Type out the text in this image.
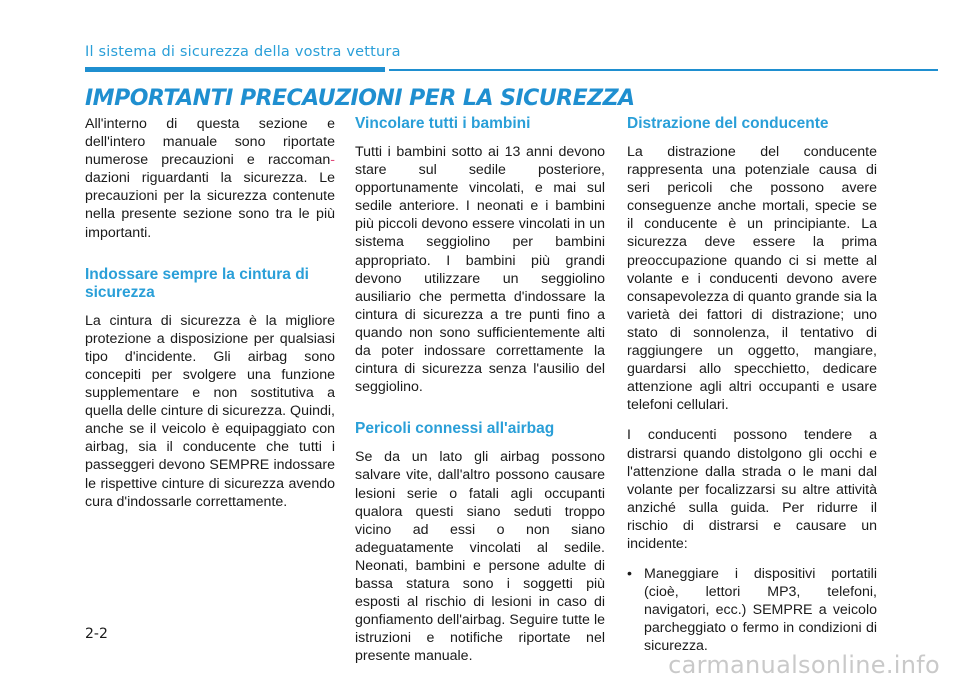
Il sistema di sicurezza della vostra vettura
IMPORTANTI PRECAUZIONI PER LA SICUREZZA

All'interno di questa sezione e dell'intero manuale sono riportate numerose precauzioni e raccoman-dazioni riguardanti la sicurezza. Le precauzioni per la sicurezza contenute nella presente sezione sono tra le più importanti.

Indossare sempre la cintura di sicurezza

La cintura di sicurezza è la migliore protezione a disposizione per qualsiasi tipo d'incidente. Gli airbag sono concepiti per svolgere una funzione supplementare e non sostitutiva a quella delle cinture di sicurezza. Quindi, anche se il veicolo è equipaggiato con airbag, sia il conducente che tutti i passeggeri devono SEMPRE indossare le rispettive cinture di sicurezza avendo cura d'indossarle correttamente.

Vincolare tutti i bambini

Tutti i bambini sotto ai 13 anni devono stare sul sedile posteriore, opportunamente vincolati, e mai sul sedile anteriore. I neonati e i bambini più piccoli devono essere vincolati in un sistema seggiolino per bambini appropriato. I bambini più grandi devono utilizzare un seggiolino ausiliario che permetta d'indossare la cintura di sicurezza a tre punti fino a quando non sono sufficientemente alti da poter indossare correttamente la cintura di sicurezza senza l'ausilio del seggiolino.

Pericoli connessi all'airbag

Se da un lato gli airbag possono salvare vite, dall'altro possono causare lesioni serie o fatali agli occupanti qualora questi siano seduti troppo vicino ad essi o non siano adeguatamente vincolati al sedile. Neonati, bambini e persone adulte di bassa statura sono i soggetti più esposti al rischio di lesioni in caso di gonfiamento dell'airbag. Seguire tutte le istruzioni e notifiche riportate nel presente manuale.

Distrazione del conducente

La distrazione del conducente rappresenta una potenziale causa di seri pericoli che possono avere conseguenze anche mortali, specie se il conducente è un principiante. La sicurezza deve essere la prima preoccupazione quando ci si mette al volante e i conducenti devono avere consapevolezza di quanto grande sia la varietà dei fattori di distrazione; uno stato di sonnolenza, il tentativo di raggiungere un oggetto, mangiare, guardarsi allo specchietto, dedicare attenzione agli altri occupanti e usare telefoni cellulari.

I conducenti possono tendere a distrarsi quando distolgono gli occhi e l'attenzione dalla strada o le mani dal volante per focalizzarsi su altre attività anziché sulla guida. Per ridurre il rischio di distrarsi e causare un incidente:

• Maneggiare i dispositivi portatili (cioè, lettori MP3, telefoni, navigatori, ecc.) SEMPRE a veicolo parcheggiato o fermo in condizioni di sicurezza.
2-2
carmanualsonline.info
